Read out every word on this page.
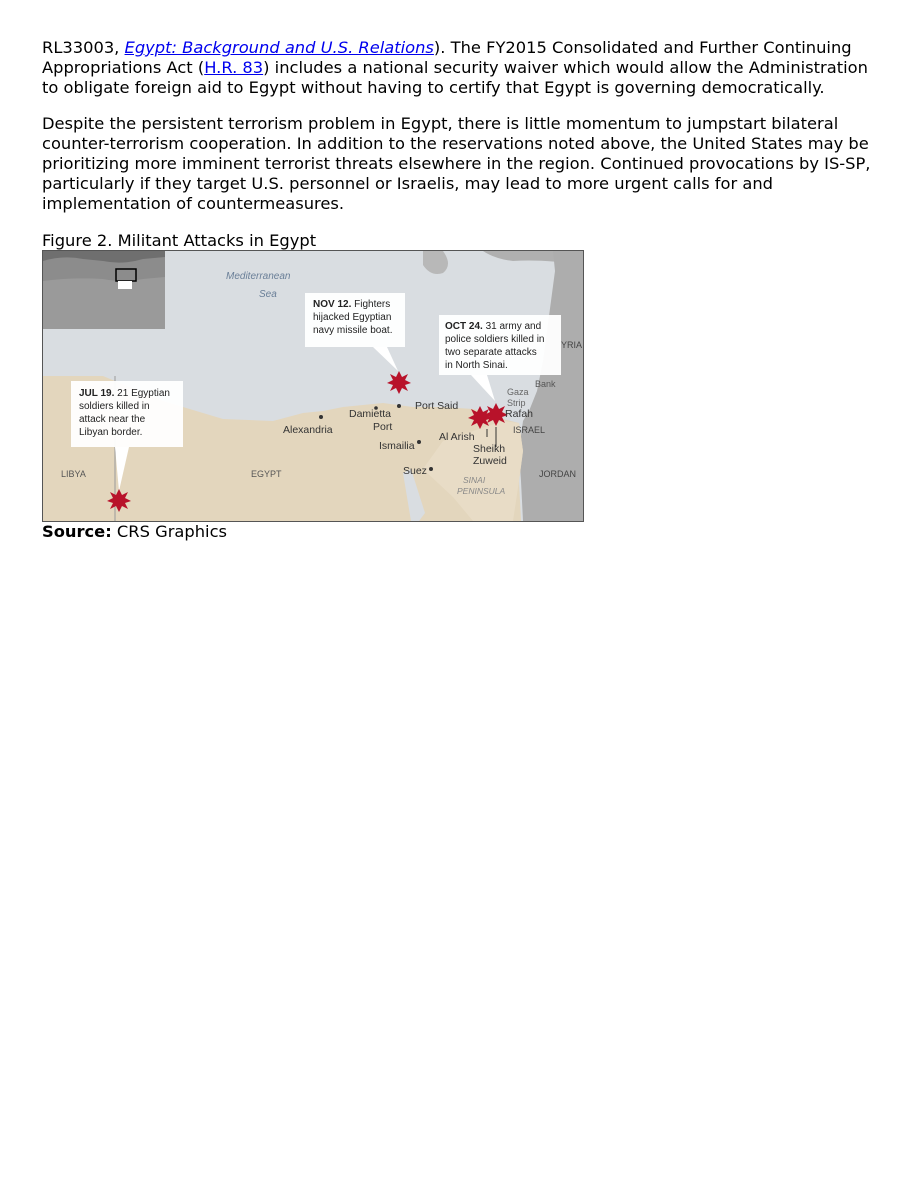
RL33003, Egypt: Background and U.S. Relations). The FY2015 Consolidated and Further Continuing Appropriations Act (H.R. 83) includes a national security waiver which would allow the Administration to obligate foreign aid to Egypt without having to certify that Egypt is governing democratically.

Despite the persistent terrorism problem in Egypt, there is little momentum to jumpstart bilateral counter-terrorism cooperation. In addition to the reservations noted above, the United States may be prioritizing more imminent terrorist threats elsewhere in the region. Continued provocations by IS-SP, particularly if they target U.S. personnel or Israelis, may lead to more urgent calls for and implementation of countermeasures.

Figure 2. Militant Attacks in Egypt
Mediterranean
Sea
NOV 12. Fighters
hijacked Egyptian
navy missile boat.	OCT 24. 31 army and
police soldiers killed in
two separate attacks
in North Sinai.
JUL 19. 21 Egyptian
soldiers killed in
attack near the
Libyan border.	Alexandria
Damietta
Port
Port Said
Ismailia
Suez
Al Arish
Sheikh
Zuweid
Rafah
Gaza
Strip
Bank
ISRAEL
JORDAN
YRIA
LIBYA	EGYPT
SINAI
PENINSULA
Source: CRS Graphics
